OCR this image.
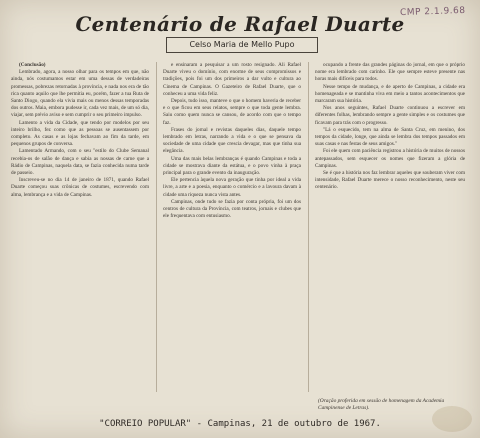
CMP 2.1.9.68
Centenário de Rafael Duarte
Celso Maria de Mello Pupo

(Conclusão)

Lembrado, agora, a nosso olhar para os tempos em que, não ainda, nós costumamos estar em uma dessas de verdadeiras promessas, pobrezas retornadas à província, e nada nos era de tão rica quanto aquilo que lhe permitia eu, porém, fazer a tua Ruta de Santo Diogo, quando ela vivia mais ou menos dessas temporadas dos outros. Maia, embora pudesse ir, cada vez mais, de um só dia, viajar, sem prévio aviso e sem cumprir o seu primeiro impulso.

Lamento a vida da Cidade, que tendo por modelos por seu inteiro brilho, fez como que as pessoas se ausentassem por completo. As casas e as lojas fechavam ao fim da tarde, em pequenos grupos de conversa.

Lamentado Armando, com o seu "estilo do Clube Semanal recebia-os de salão de dança e sabia as nossas de carne que a Rádio de Campinas, naquela data, se fazia conhecida numa tarde de passeio.

Inscreveu-se no dia 14 de janeiro de 1871, quando Rafael Duarte começou suas crônicas de costumes, escrevendo com alma, lembrança e a vida de Campinas.

e ensinaram a pesquisar a um rosto resignado. Ali Rafael Duarte viveu o domínio, com enorme de seus compromissos e tradições, pois foi um dos primeiros a dar vulto e cultura ao Cinema de Campinas. O Gazeteiro de Rafael Duarte, que o conheceu a uma vida feliz.

Depois, tudo isso, manteve o que o homem haveria de receber e o que ficou em seus relatos, sempre o que toda gente lembra. Saiu como quem nunca se cansou, de acordo com que o tempo faz.

Frases do jornal e revistas daqueles dias, daquele tempo lembrado em letras, narrando a vida e o que se pensava da sociedade de uma cidade que crescia devagar, mas que tinha sua elegância.

Uma das mais belas lembranças é quando Campinas e toda a cidade se mostrava diante da estátua, e o povo vinha à praça principal para o grande evento da inauguração.

Ele pertencia àquela nova geração que tinha por ideal a vida livre, a arte e a poesia, enquanto o comércio e a lavoura davam à cidade uma riqueza nunca vista antes.

Campinas, onde tudo se fazia por conta própria, foi um dos centros de cultura da Província, com teatros, jornais e clubes que ele frequentava com entusiasmo.

ocupando a frente das grandes páginas do jornal, em que o próprio nome era lembrado com carinho. Ele que sempre esteve presente nas horas mais difíceis para todos.

Nesse tempo de mudança, e de aperto de Campinas, a cidade era homenageada e se mantinha viva em meio a tantos acontecimentos que marcaram sua história.

Nos anos seguintes, Rafael Duarte continuou a escrever em diferentes folhas, lembrando sempre a gente simples e os costumes que ficavam para trás com o progresso.

"Lá o esquecido, tem na alma de Santa Cruz, em menino, dos tempos da cidade, longe, que ainda se lembra dos tempos passados em suas casas e nas festas de seus amigos."

Foi ele quem com paciência registrou a história de muitos de nossos antepassados, sem esquecer os nomes que fizeram a glória de Campinas.

Se é que a história nos faz lembrar aqueles que souberam viver com intensidade, Rafael Duarte merece o nosso reconhecimento, neste seu centenário.

(Oração proferida em sessão de homenagem da Academia Campinense de Letras).
"CORREIO POPULAR" - Campinas, 21 de outubro de 1967.
